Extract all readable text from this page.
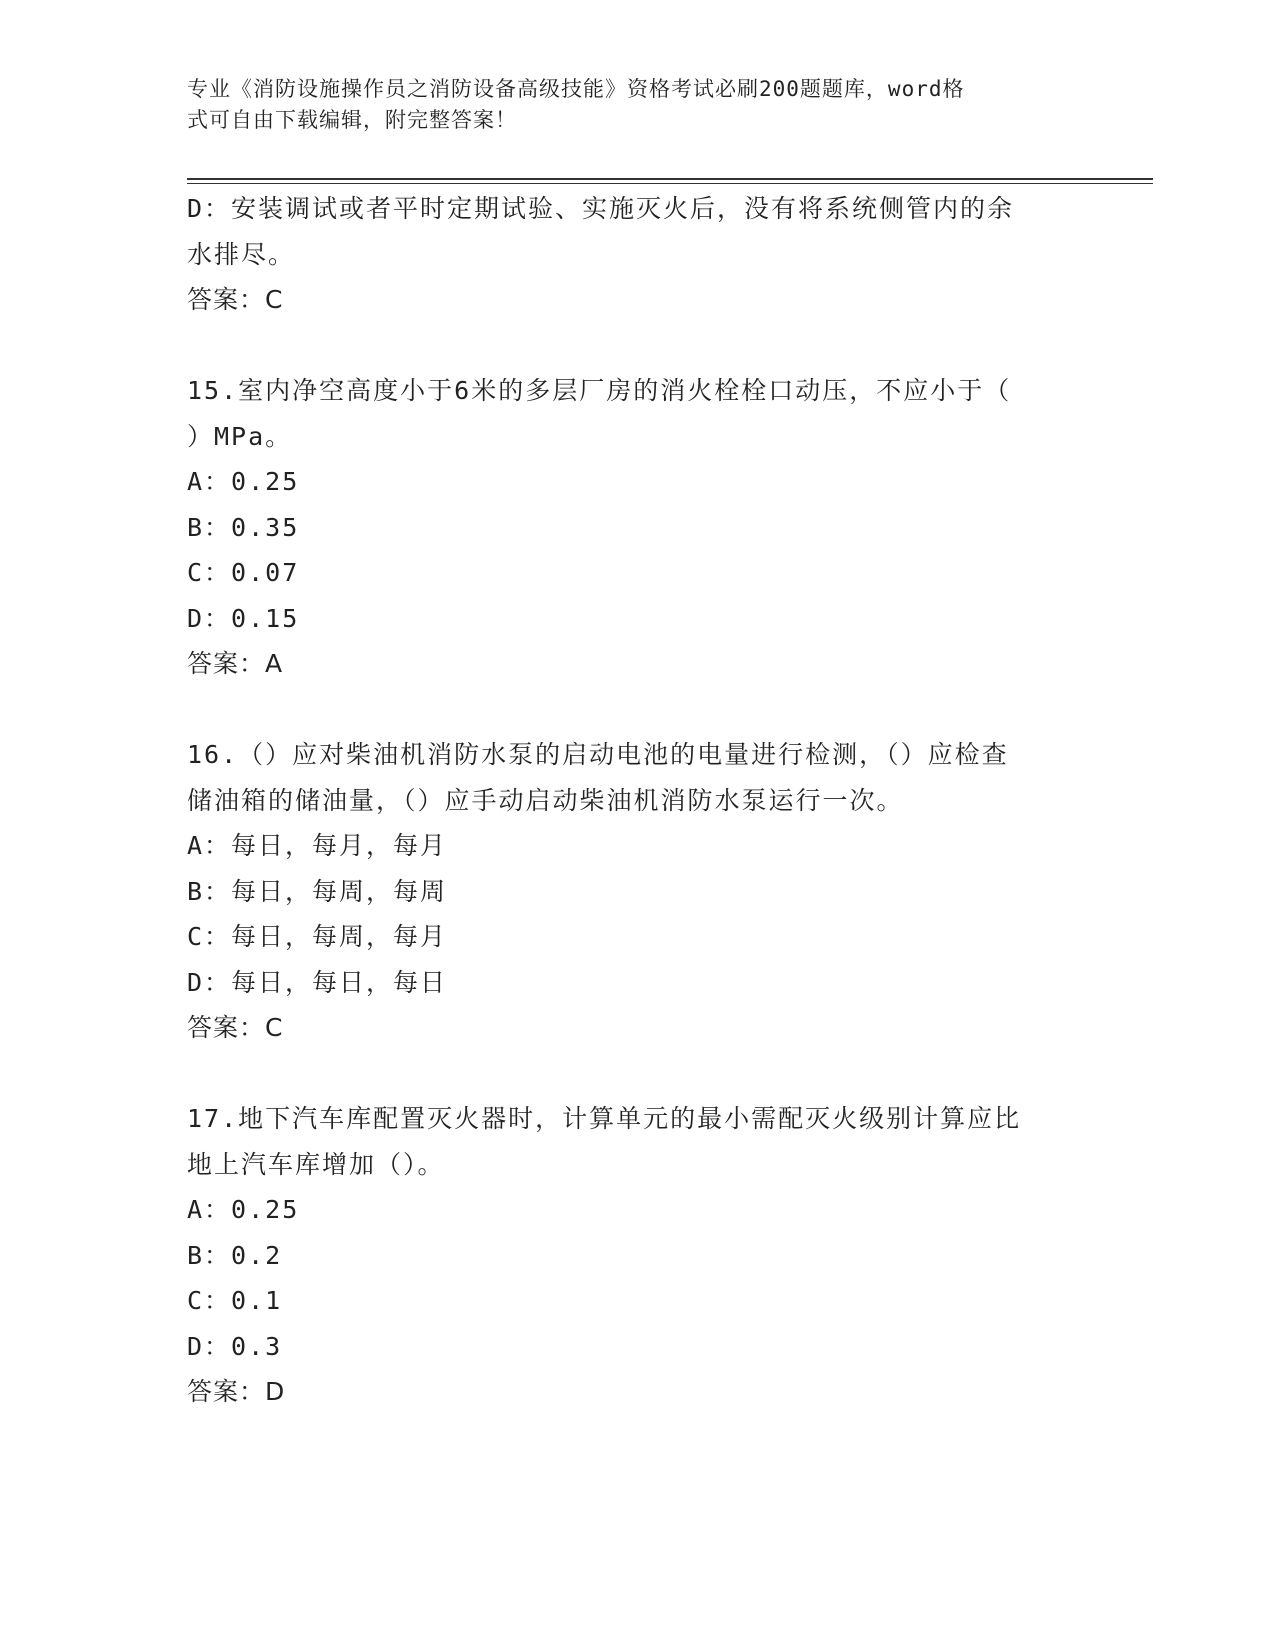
专业《消防设施操作员之消防设备高级技能》资格考试必刷200题题库，word格
式可自由下载编辑，附完整答案！
D：安装调试或者平时定期试验、实施灭火后，没有将系统侧管内的余
水排尽。
答案：C
15.室内净空高度小于6米的多层厂房的消火栓栓口动压，不应小于（
）MPa。
A：0.25
B：0.35
C：0.07
D：0.15
答案：A
16.（）应对柴油机消防水泵的启动电池的电量进行检测，（）应检查
储油箱的储油量，（）应手动启动柴油机消防水泵运行一次。
A：每日，每月，每月
B：每日，每周，每周
C：每日，每周，每月
D：每日，每日，每日
答案：C
17.地下汽车库配置灭火器时，计算单元的最小需配灭火级别计算应比
地上汽车库增加（）。
A：0.25
B：0.2
C：0.1
D：0.3
答案：D
